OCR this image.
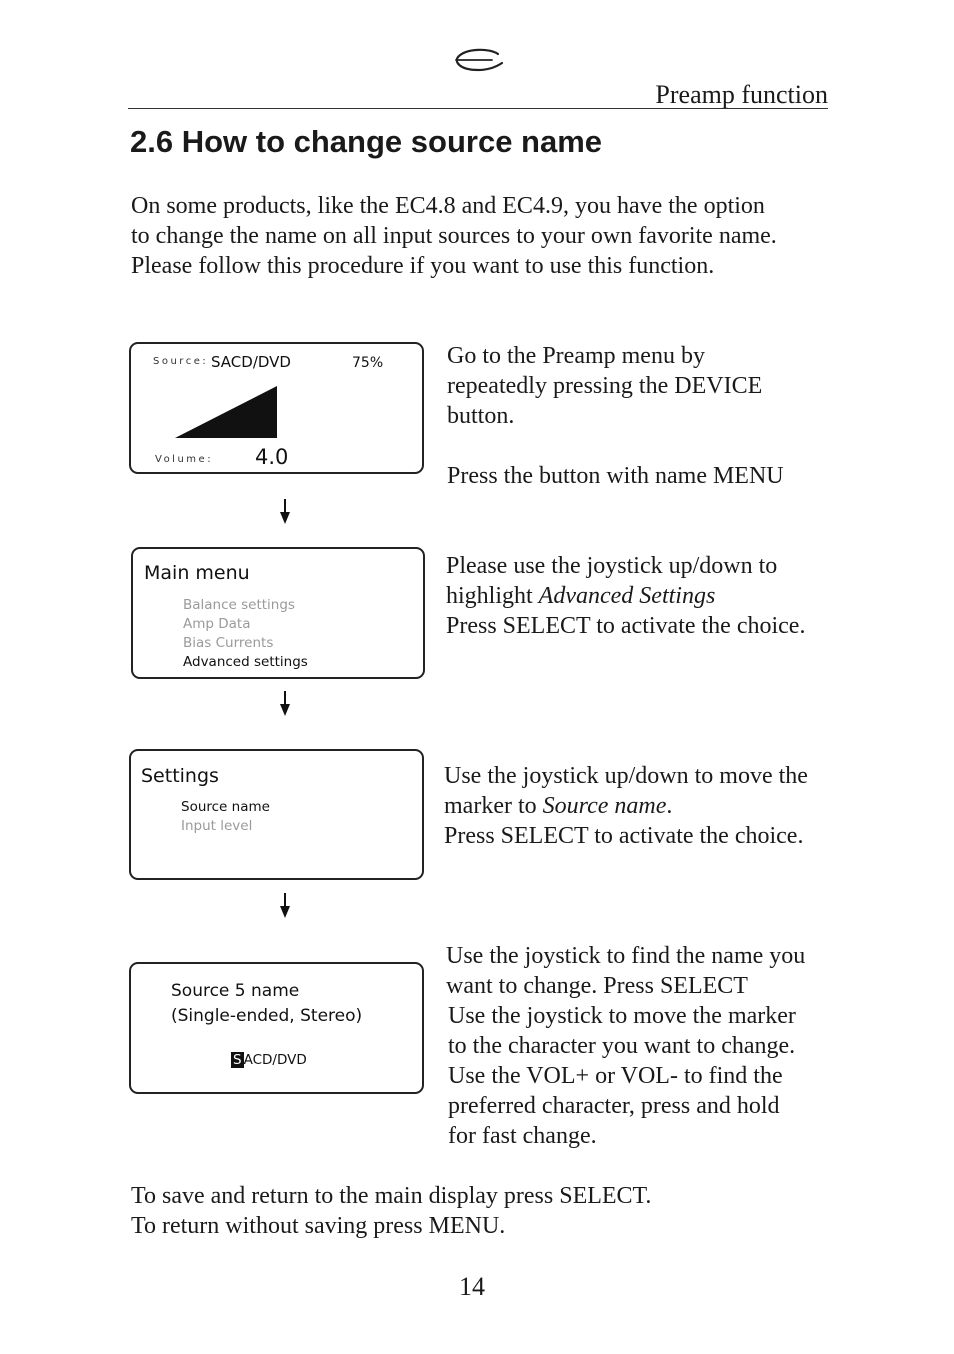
Preamp function
2.6 How to change source name
On some products, like the EC4.8 and EC4.9, you have the option
to change the name on all input sources to your own favorite name.
Please follow this procedure if you want to use this function.
Source: SACD/DVD	75%
Volume: 4.0
Main menu
Balance settings
Amp Data
Bias Currents
Advanced settings
Settings
Source name
Input level
Source 5 name
(Single-ended, Stereo)
S ACD/DVD
Go to the Preamp menu by
repeatedly pressing the DEVICE
button.
Press the button with name MENU
Please use the joystick up/down to
highlight Advanced Settings
Press SELECT to activate the choice.
Use the joystick up/down to move the
marker to Source name.
Press SELECT to activate the choice.
Use the joystick to find the name you
want to change. Press SELECT
Use the joystick to move the marker
to the character you want to change.
Use the VOL+ or VOL- to find the
preferred character, press and hold
for fast change.
To save and return to the main display press SELECT.
To return without saving press MENU.
14
